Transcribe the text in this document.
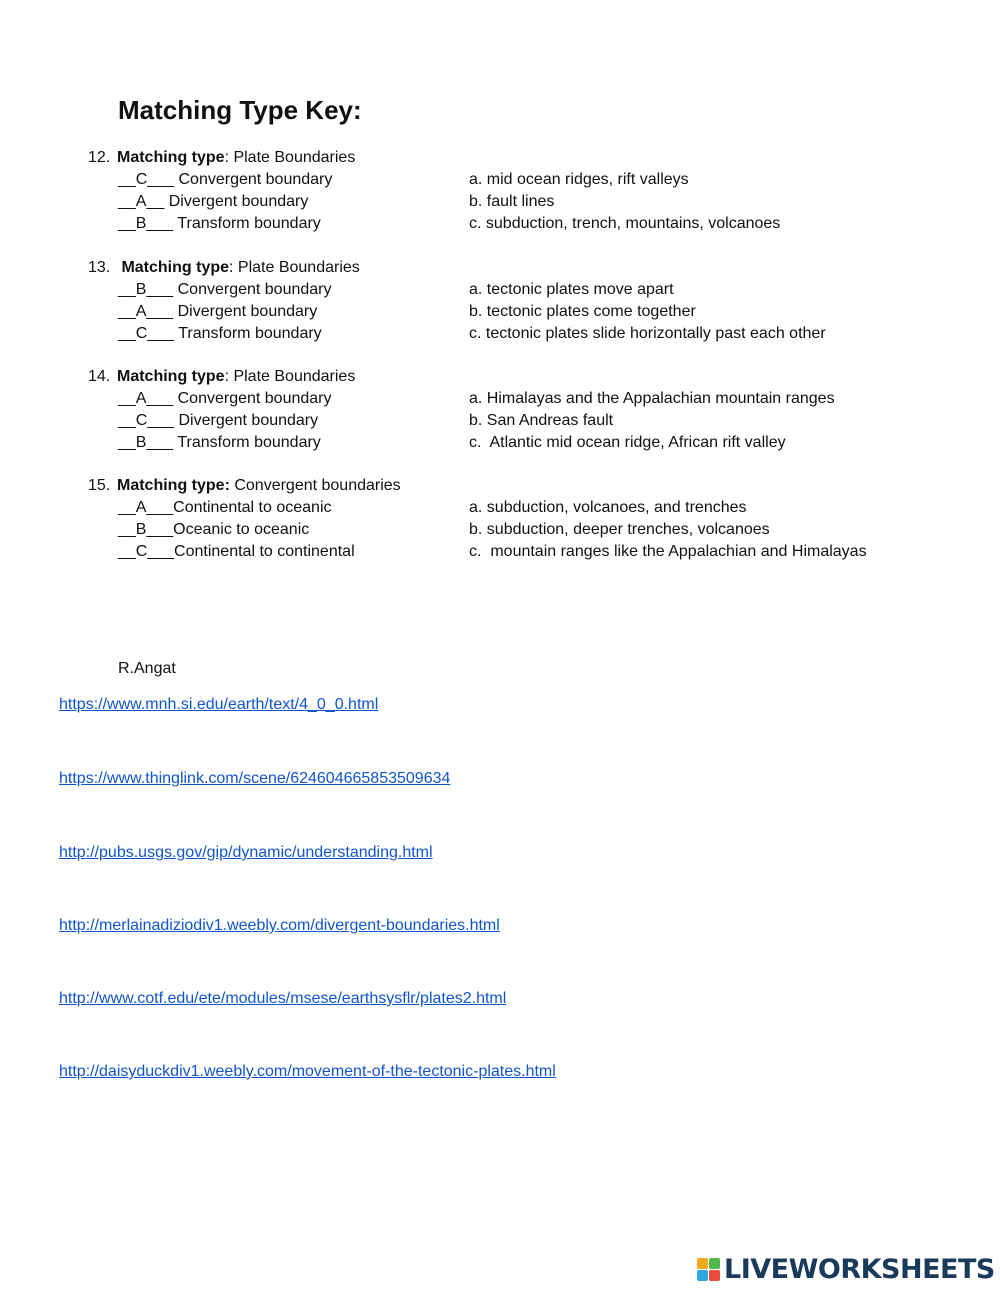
Matching Type Key:
12. Matching type: Plate Boundaries
__C___ Convergent boundary
__A__ Divergent boundary
__B___ Transform boundary
a. mid ocean ridges, rift valleys
b. fault lines
c. subduction, trench, mountains, volcanoes
13. Matching type: Plate Boundaries
__B___ Convergent boundary
__A___ Divergent boundary
__C___ Transform boundary
a. tectonic plates move apart
b. tectonic plates come together
c. tectonic plates slide horizontally past each other
14. Matching type: Plate Boundaries
__A___ Convergent boundary
__C___ Divergent boundary
__B___ Transform boundary
a. Himalayas and the Appalachian mountain ranges
b. San Andreas fault
c.  Atlantic mid ocean ridge, African rift valley
15. Matching type: Convergent boundaries
__A___Continental to oceanic
__B___Oceanic to oceanic
__C___Continental to continental
a. subduction, volcanoes, and trenches
b. subduction, deeper trenches, volcanoes
c.  mountain ranges like the Appalachian and Himalayas
R.Angat
https://www.mnh.si.edu/earth/text/4_0_0.html
https://www.thinglink.com/scene/624604665853509634
http://pubs.usgs.gov/gip/dynamic/understanding.html
http://merlainadiziodiv1.weebly.com/divergent-boundaries.html
http://www.cotf.edu/ete/modules/msese/earthsysflr/plates2.html
http://daisyduckdiv1.weebly.com/movement-of-the-tectonic-plates.html
LIVEWORKSHEETS
